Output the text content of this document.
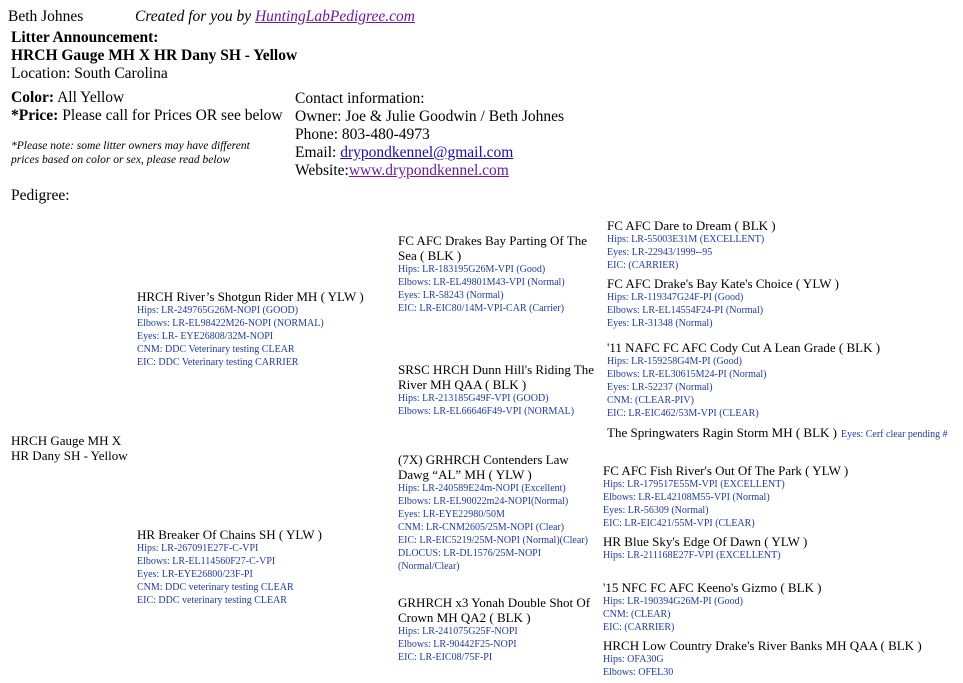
Beth Johnes	Created for you by HuntingLabPedigree.com
Litter Announcement:
HRCH Gauge MH X HR Dany SH - Yellow
Location: South Carolina
Color: All Yellow
*Price: Please call for Prices OR see below
*Please note: some litter owners may have different
prices based on color or sex, please read below
Contact information:
Owner: Joe & Julie Goodwin / Beth Johnes
Phone: 803-480-4973
Email: drypondkennel@gmail.com
Website:www.drypondkennel.com
Pedigree:
HRCH Gauge MH X
HR Dany SH - Yellow
HRCH River’s Shotgun Rider MH ( YLW )
Hips: LR-249765G26M-NOPI (GOOD)
Elbows: LR-EL98422M26-NOPI (NORMAL)
Eyes: LR- EYE26808/32M-NOPI
CNM: DDC Veterinary testing CLEAR
EIC: DDC Veterinary testing CARRIER
HR Breaker Of Chains SH ( YLW )
Hips: LR-267091E27F-C-VPI
Elbows: LR-EL114560F27-C-VPI
Eyes: LR-EYE26800/23F-PI
CNM: DDC veterinary testing CLEAR
EIC: DDC veterinary testing CLEAR
FC AFC Drakes Bay Parting Of The
Sea ( BLK )
Hips: LR-183195G26M-VPI (Good)
Elbows: LR-EL49801M43-VPI (Normal)
Eyes: LR-58243 (Normal)
EIC: LR-EIC80/14M-VPI-CAR (Carrier)
SRSC HRCH Dunn Hill's Riding The
River MH QAA ( BLK )
Hips: LR-213185G49F-VPI (GOOD)
Elbows: LR-EL66646F49-VPI (NORMAL)
(7X) GRHRCH Contenders Law
Dawg “AL” MH ( YLW )
Hips: LR-240589E24m-NOPI (Excellent)
Elbows: LR-EL90022m24-NOPI(Normal)
Eyes: LR-EYE22980/50M
CNM: LR-CNM2605/25M-NOPI (Clear)
EIC: LR-EIC5219/25M-NOPI (Normal)(Clear)
DLOCUS: LR-DL1576/25M-NOPI
(Normal/Clear)
GRHRCH x3 Yonah Double Shot Of
Crown MH QA2 ( BLK )
Hips: LR-241075G25F-NOPI
Elbows: LR-90442F25-NOPI
EIC: LR-EIC08/75F-PI
FC AFC Dare to Dream ( BLK )
Hips: LR-55003E31M (EXCELLENT)
Eyes: LR-22943/1999--95
EIC: (CARRIER)
FC AFC Drake's Bay Kate's Choice ( YLW )
Hips: LR-119347G24F-PI (Good)
Elbows: LR-EL14554F24-PI (Normal)
Eyes: LR-31348 (Normal)
'11 NAFC FC AFC Cody Cut A Lean Grade ( BLK )
Hips: LR-159258G4M-PI (Good)
Elbows: LR-EL30615M24-PI (Normal)
Eyes: LR-52237 (Normal)
CNM: (CLEAR-PIV)
EIC: LR-EIC462/53M-VPI (CLEAR)
The Springwaters Ragin Storm MH ( BLK ) Eyes: Cerf clear pending #
FC AFC Fish River's Out Of The Park ( YLW )
Hips: LR-179517E55M-VPI (EXCELLENT)
Elbows: LR-EL42108M55-VPI (Normal)
Eyes: LR-56309 (Normal)
EIC: LR-EIC421/55M-VPI (CLEAR)
HR Blue Sky's Edge Of Dawn ( YLW )
Hips: LR-211168E27F-VPI (EXCELLENT)
'15 NFC FC AFC Keeno's Gizmo ( BLK )
Hips: LR-190394G26M-PI (Good)
CNM: (CLEAR)
EIC: (CARRIER)
HRCH Low Country Drake's River Banks MH QAA ( BLK )
Hips: OFA30G
Elbows: OFEL30
